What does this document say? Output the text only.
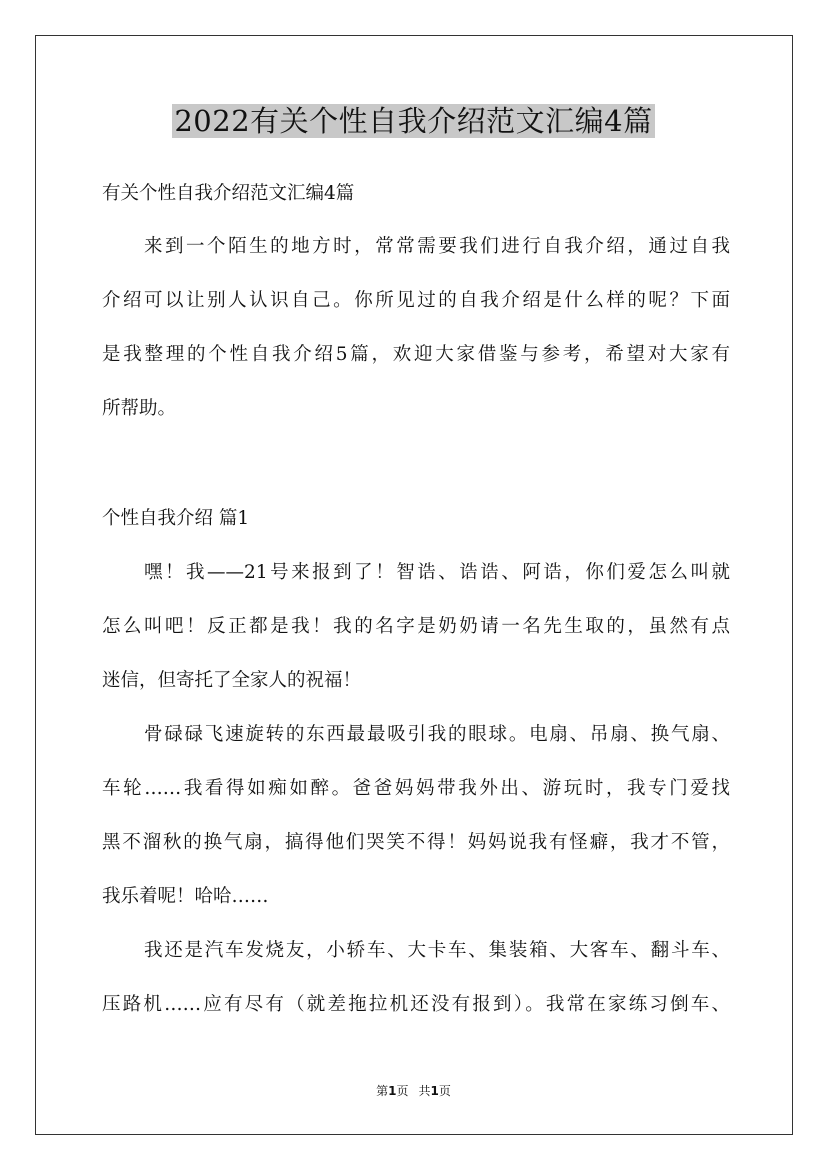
2022有关个性自我介绍范文汇编4篇
有关个性自我介绍范文汇编4篇
来到一个陌生的地方时，常常需要我们进行自我介绍，通过自我
介绍可以让别人认识自己。你所见过的自我介绍是什么样的呢？下面
是我整理的个性自我介绍5篇，欢迎大家借鉴与参考，希望对大家有
所帮助。
个性自我介绍 篇1
嘿！我——21号来报到了！智诰、诰诰、阿诰，你们爱怎么叫就
怎么叫吧！反正都是我！我的名字是奶奶请一名先生取的，虽然有点
迷信，但寄托了全家人的祝福！
骨碌碌飞速旋转的东西最最吸引我的眼球。电扇、吊扇、换气扇、
车轮……我看得如痴如醉。爸爸妈妈带我外出、游玩时，我专门爱找
黑不溜秋的换气扇，搞得他们哭笑不得！妈妈说我有怪癖，我才不管，
我乐着呢！哈哈……
我还是汽车发烧友，小轿车、大卡车、集装箱、大客车、翻斗车、
压路机……应有尽有（就差拖拉机还没有报到）。我常在家练习倒车、
第1页 共1页
